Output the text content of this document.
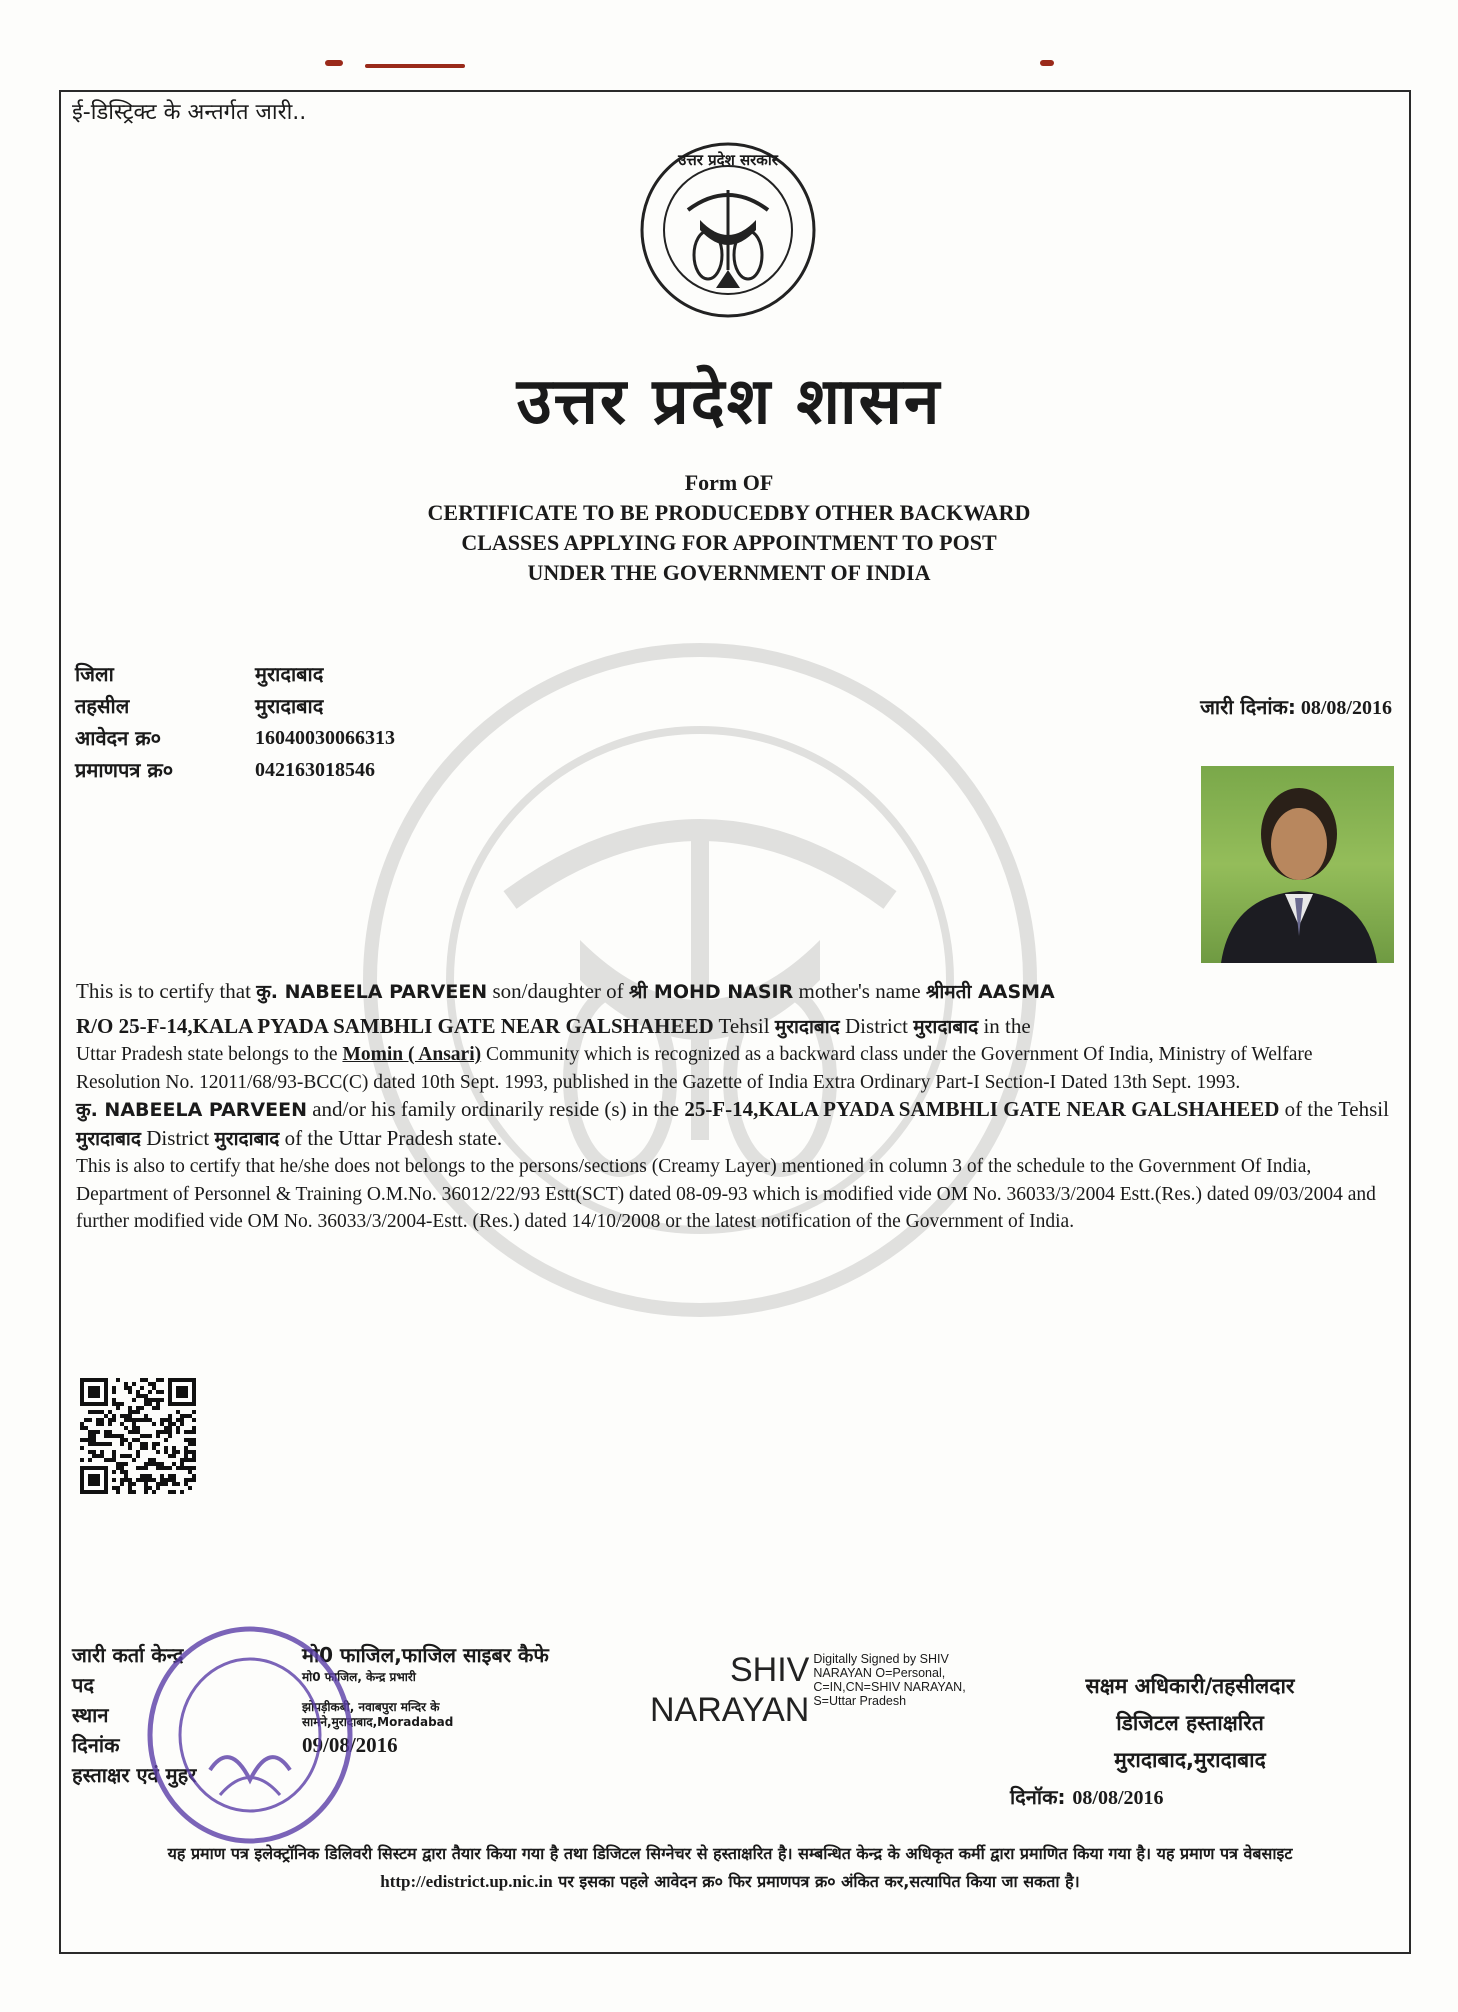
ई-डिस्ट्रिक्ट के अन्तर्गत जारी..
उत्तर प्रदेश सरकार
उत्तर प्रदेश शासन
Form OF
CERTIFICATE TO BE PRODUCEDBY OTHER BACKWARD
CLASSES APPLYING FOR APPOINTMENT TO POST
UNDER THE GOVERNMENT OF INDIA
जिला	मुरादाबाद
तहसील	मुरादाबाद
आवेदन क्र०	16040030066313
प्रमाणपत्र क्र०	042163018546
जारी दिनांक: 08/08/2016

This is to certify that कु. NABEELA PARVEEN son/daughter of श्री MOHD NASIR mother's name श्रीमती AASMA

R/O 25-F-14,KALA PYADA SAMBHLI GATE NEAR GALSHAHEED Tehsil मुरादाबाद District मुरादाबाद in the

Uttar Pradesh state belongs to the Momin ( Ansari) Community which is recognized as a backward class under the Government Of India, Ministry of Welfare Resolution No. 12011/68/93-BCC(C) dated 10th Sept. 1993, published in the Gazette of India Extra Ordinary Part-I Section-I Dated 13th Sept. 1993.

कु. NABEELA PARVEEN and/or his family ordinarily reside (s) in the 25-F-14,KALA PYADA SAMBHLI GATE NEAR GALSHAHEED of the Tehsil मुरादाबाद District मुरादाबाद of the Uttar Pradesh state.

This is also to certify that he/she does not belongs to the persons/sections (Creamy Layer) mentioned in column 3 of the schedule to the Government Of India, Department of Personnel & Training O.M.No. 36012/22/93 Estt(SCT) dated 08-09-93 which is modified vide OM No. 36033/3/2004 Estt.(Res.) dated 09/03/2004 and further modified vide OM No. 36033/3/2004-Estt. (Res.) dated 14/10/2008 or the latest notification of the Government of India.

जारी कर्ता केन्द्र	मो0 फाजिल,फाजिल साइबर कैफे
पद	मो0 फाजिल, केन्द्र प्रभारी
स्थान	झोपड़ीकबी, नवाबपुरा मन्दिर के सामने,मुरादाबाद,Moradabad
दिनांक	09/08/2016
हस्ताक्षर एवं मुहर
SHIV
NARAYAN
Digitally Signed by SHIV NARAYAN O=Personal, C=IN,CN=SHIV NARAYAN, S=Uttar Pradesh
सक्षम अधिकारी/तहसीलदार
डिजिटल हस्ताक्षरित
मुरादाबाद,मुरादाबाद
दिनॉक: 08/08/2016
यह प्रमाण पत्र इलेक्ट्रॉनिक डिलिवरी सिस्टम द्वारा तैयार किया गया है तथा डिजिटल सिग्नेचर से हस्ताक्षरित है। सम्बन्धित केन्द्र के अधिकृत कर्मी द्वारा प्रमाणित किया गया है। यह प्रमाण पत्र वेबसाइट http://edistrict.up.nic.in पर इसका पहले आवेदन क्र० फिर प्रमाणपत्र क्र० अंकित कर,सत्यापित किया जा सकता है।
